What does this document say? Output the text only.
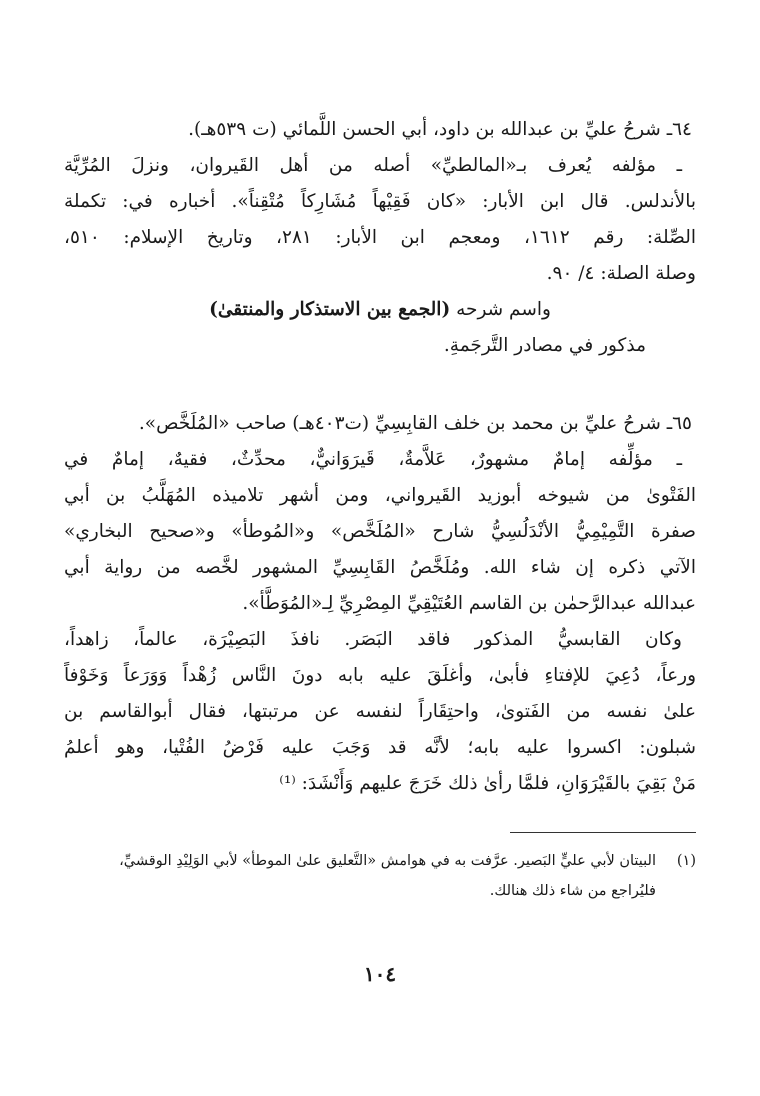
٦٤ـ شرحُ عليِّ بن عبدالله بن داود، أبي الحسن اللَّمائي (ت ٥٣٩هـ).
ـ مؤلفه يُعرف بـ«المالطيِّ» أصله من أهل القَيروان، ونزلَ المُرِّيَّة
بالأندلس. قال ابن الأبار: «كان فَقِيْهاً مُشَارِكاً مُتْقِناً». أخباره في: تكملة
الصِّلة: رقم ١٦١٢، ومعجم ابن الأبار: ٢٨١، وتاريخ الإسلام: ٥١٠،
وصلة الصلة: ٤/ ٩٠.
واسم شرحه (الجمع بين الاستذكار والمنتقىٰ)
مذكور في مصادر التَّرجَمةِ.
٦٥ـ شرحُ عليِّ بن محمد بن خلف القابِسِيِّ (ت٤٠٣هـ) صاحب «المُلَخَّص».
ـ مؤلِّفه إمامٌ مشهورٌ، عَلاَّمةٌ، قَيرَوَانيٌّ، محدِّثٌ، فقيهٌ، إمامٌ في
الفَتْوىٰ من شيوخه أبوزيد القَيرواني، ومن أشهر تلاميذه المُهَلَّبُ بن أبي
صفرة التَّمِيْمِيُّ الأنْدَلُسِيُّ شارح «المُلَخَّص» و«المُوطأ» و«صحيح البخاري»
الآتي ذكره إن شاء الله. ومُلَخَّصُ القَابِسِيِّ المشهور لخَّصه من رواية أبي
عبدالله عبدالرَّحمٰن بن القاسم العُتَيْقِيِّ المِصْرِيِّ لِـ«المُوَطَّأ».
وكان القابسيُّ المذكور فاقد البَصَر. نافذَ البَصِيْرَة، عالماً، زاهداً،
ورعاً، دُعِيَ للإفتاءِ فأبىٰ، وأغلَقَ عليه بابه دونَ النَّاس زُهْداً وَوَرَعاً وَخَوْفاً
علىٰ نفسه من الفَتوىٰ، واحتِقَاراً لنفسه عن مرتبتها، فقال أبوالقاسم بن
شبلون: اكسروا عليه بابه؛ لأنَّه قد وَجَبَ عليه فَرْضُ الفُتْيا، وهو أعلمُ
مَنْ بَقِيَ بالقَيْرَوَانِ، فلمَّا رأىٰ ذلك خَرَجَ عليهم وَأَنْشَدَ: ⁽¹⁾
(١)البيتان لأبي عليٍّ البَصير. عرَّفت به في هوامش «التَّعليق علىٰ الموطأ» لأبي الوَلِيْدِ الوقشيِّ،
فليُراجع من شاء ذلك هنالك.
١٠٤
